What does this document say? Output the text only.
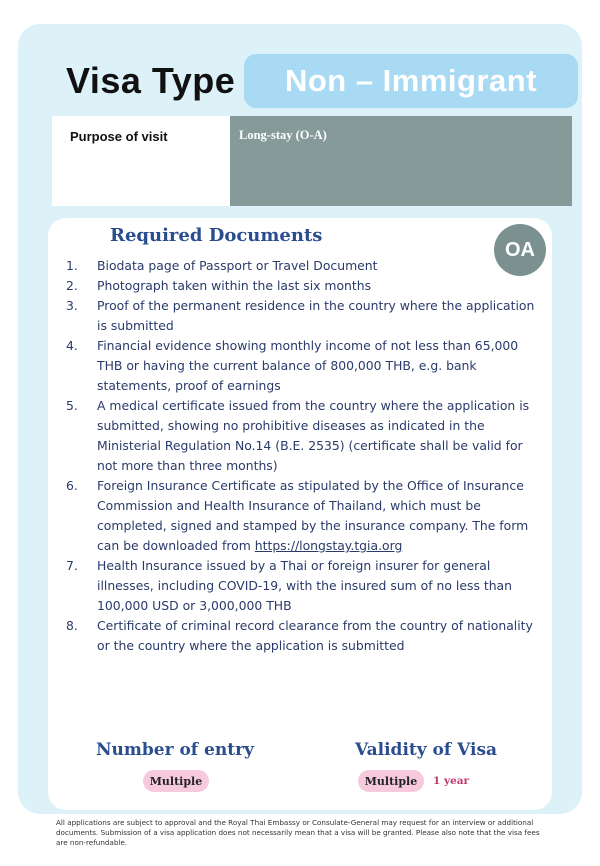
Visa Type	Non – Immigrant
Purpose of visit	Long-stay (O-A)
Required Documents
OA
1.	Biodata page of Passport or Travel Document
2.	Photograph taken within the last six months
3.	Proof of the permanent residence in the country where the application is submitted
4.	Financial evidence showing monthly income of not less than 65,000 THB or having the current balance of 800,000 THB, e.g. bank statements, proof of earnings
5.	A medical certificate issued from the country where the application is submitted, showing no prohibitive diseases as indicated in the Ministerial Regulation No.14 (B.E. 2535) (certificate shall be valid for not more than three months)
6.	Foreign Insurance Certificate as stipulated by the Office of Insurance Commission and Health Insurance of Thailand, which must be completed, signed and stamped by the insurance company. The form can be downloaded from https://longstay.tgia.org
7.	Health Insurance issued by a Thai or foreign insurer for general illnesses, including COVID-19, with the insured sum of no less than 100,000 USD or 3,000,000 THB
8.	Certificate of criminal record clearance from the country of nationality or the country where the application is submitted
Number of entry
Multiple
Validity of Visa
Multiple	1 year
All applications are subject to approval and the Royal Thai Embassy or Consulate-General may request for an interview or additional documents. Submission of a visa application does not necessarily mean that a visa will be granted. Please also note that the visa fees are non-refundable.
